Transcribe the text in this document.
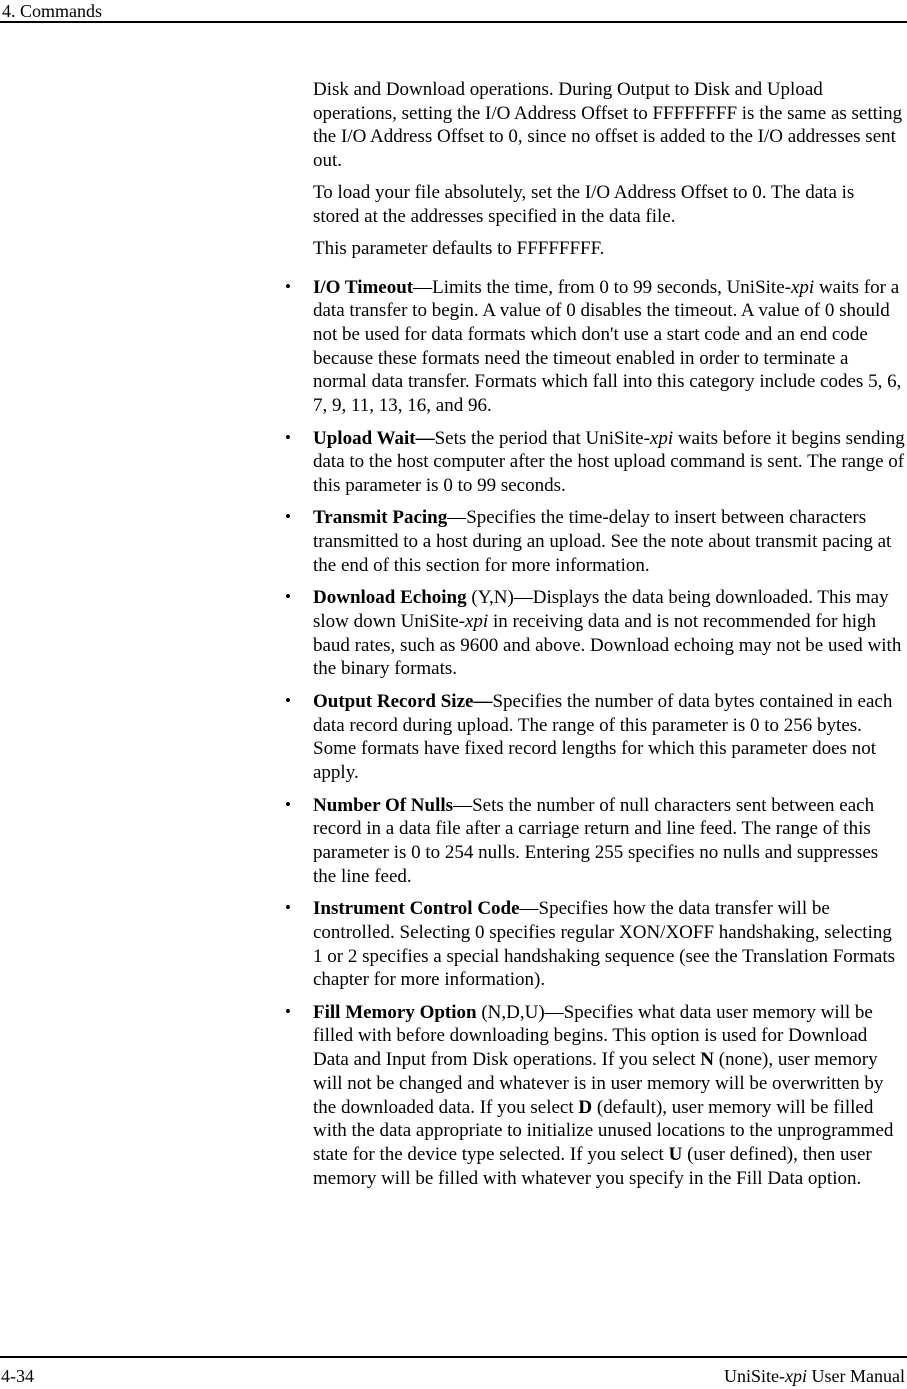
4. Commands

Disk and Download operations. During Output to Disk and Upload operations, setting the I/O Address Offset to FFFFFFFF is the same as setting the I/O Address Offset to 0, since no offset is added to the I/O addresses sent out.

To load your file absolutely, set the I/O Address Offset to 0. The data is stored at the addresses specified in the data file.

This parameter defaults to FFFFFFFF.

• I/O Timeout—Limits the time, from 0 to 99 seconds, UniSite-xpi waits for a data transfer to begin. A value of 0 disables the timeout. A value of 0 should not be used for data formats which don't use a start code and an end code because these formats need the timeout enabled in order to terminate a normal data transfer. Formats which fall into this category include codes 5, 6, 7, 9, 11, 13, 16, and 96.
• Upload Wait—Sets the period that UniSite-xpi waits before it begins sending data to the host computer after the host upload command is sent. The range of this parameter is 0 to 99 seconds.
• Transmit Pacing—Specifies the time-delay to insert between characters transmitted to a host during an upload. See the note about transmit pacing at the end of this section for more information.
• Download Echoing (Y,N)—Displays the data being downloaded. This may slow down UniSite-xpi in receiving data and is not recommended for high baud rates, such as 9600 and above. Download echoing may not be used with the binary formats.
• Output Record Size—Specifies the number of data bytes contained in each data record during upload. The range of this parameter is 0 to 256 bytes. Some formats have fixed record lengths for which this parameter does not apply.
• Number Of Nulls—Sets the number of null characters sent between each record in a data file after a carriage return and line feed. The range of this parameter is 0 to 254 nulls. Entering 255 specifies no nulls and suppresses the line feed.
• Instrument Control Code—Specifies how the data transfer will be controlled. Selecting 0 specifies regular XON/XOFF handshaking, selecting 1 or 2 specifies a special handshaking sequence (see the Translation Formats chapter for more information).
• Fill Memory Option (N,D,U)—Specifies what data user memory will be filled with before downloading begins. This option is used for Download Data and Input from Disk operations. If you select N (none), user memory will not be changed and whatever is in user memory will be overwritten by the downloaded data. If you select D (default), user memory will be filled with the data appropriate to initialize unused locations to the unprogrammed state for the device type selected. If you select U (user defined), then user memory will be filled with whatever you specify in the Fill Data option.
4-34	UniSite-xpi User Manual
